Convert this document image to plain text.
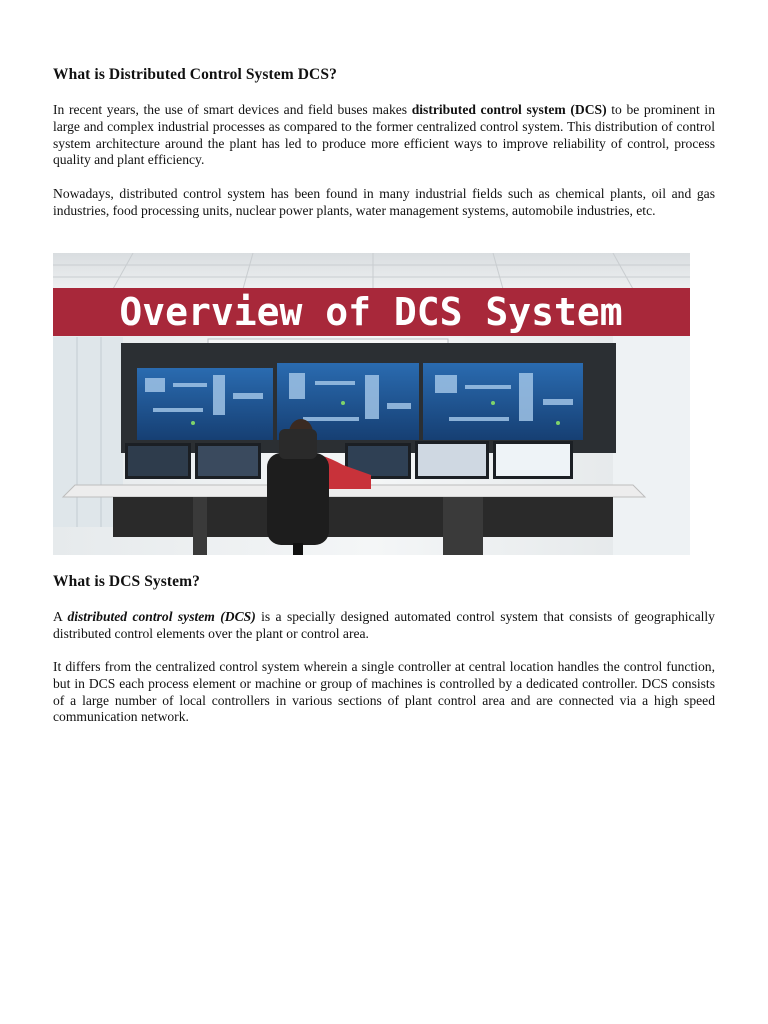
What is Distributed Control System DCS?

In recent years, the use of smart devices and field buses makes distributed control system (DCS) to be prominent in large and complex industrial processes as compared to the former centralized control system. This distribution of control system architecture around the plant has led to produce more efficient ways to improve reliability of control, process quality and plant efficiency.

Nowadays, distributed control system has been found in many industrial fields such as chemical plants, oil and gas industries, food processing units, nuclear power plants, water management systems, automobile industries, etc.

Overview of DCS System
What is DCS System?

A distributed control system (DCS) is a specially designed automated control system that consists of geographically distributed control elements over the plant or control area.

It differs from the centralized control system wherein a single controller at central location handles the control function, but in DCS each process element or machine or group of machines is controlled by a dedicated controller. DCS consists of a large number of local controllers in various sections of plant control area and are connected via a high speed communication network.
